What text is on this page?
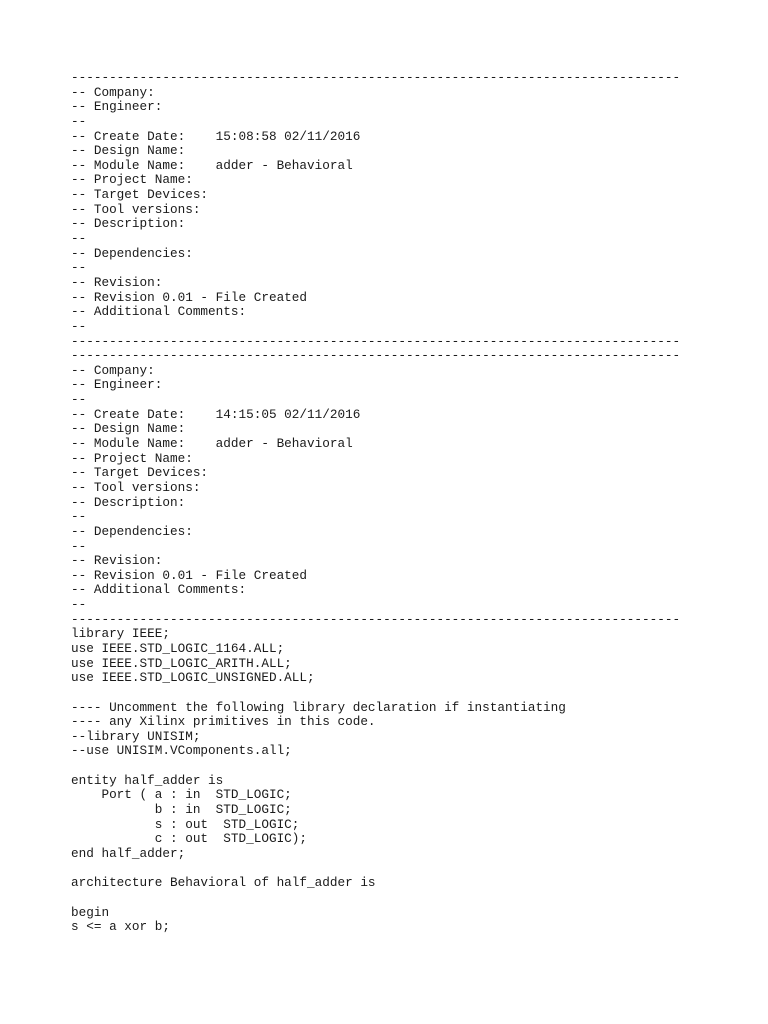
--------------------------------------------------------------------------------
-- Company:
-- Engineer:
--
-- Create Date:    15:08:58 02/11/2016
-- Design Name:
-- Module Name:    adder - Behavioral
-- Project Name:
-- Target Devices:
-- Tool versions:
-- Description:
--
-- Dependencies:
--
-- Revision:
-- Revision 0.01 - File Created
-- Additional Comments:
--
--------------------------------------------------------------------------------
--------------------------------------------------------------------------------
-- Company:
-- Engineer:
--
-- Create Date:    14:15:05 02/11/2016
-- Design Name:
-- Module Name:    adder - Behavioral
-- Project Name:
-- Target Devices:
-- Tool versions:
-- Description:
--
-- Dependencies:
--
-- Revision:
-- Revision 0.01 - File Created
-- Additional Comments:
--
--------------------------------------------------------------------------------
library IEEE;
use IEEE.STD_LOGIC_1164.ALL;
use IEEE.STD_LOGIC_ARITH.ALL;
use IEEE.STD_LOGIC_UNSIGNED.ALL;
---- Uncomment the following library declaration if instantiating
---- any Xilinx primitives in this code.
--library UNISIM;
--use UNISIM.VComponents.all;
entity half_adder is
Port ( a : in  STD_LOGIC;
b : in  STD_LOGIC;
s : out  STD_LOGIC;
c : out  STD_LOGIC);
end half_adder;
architecture Behavioral of half_adder is
begin
s <= a xor b;
